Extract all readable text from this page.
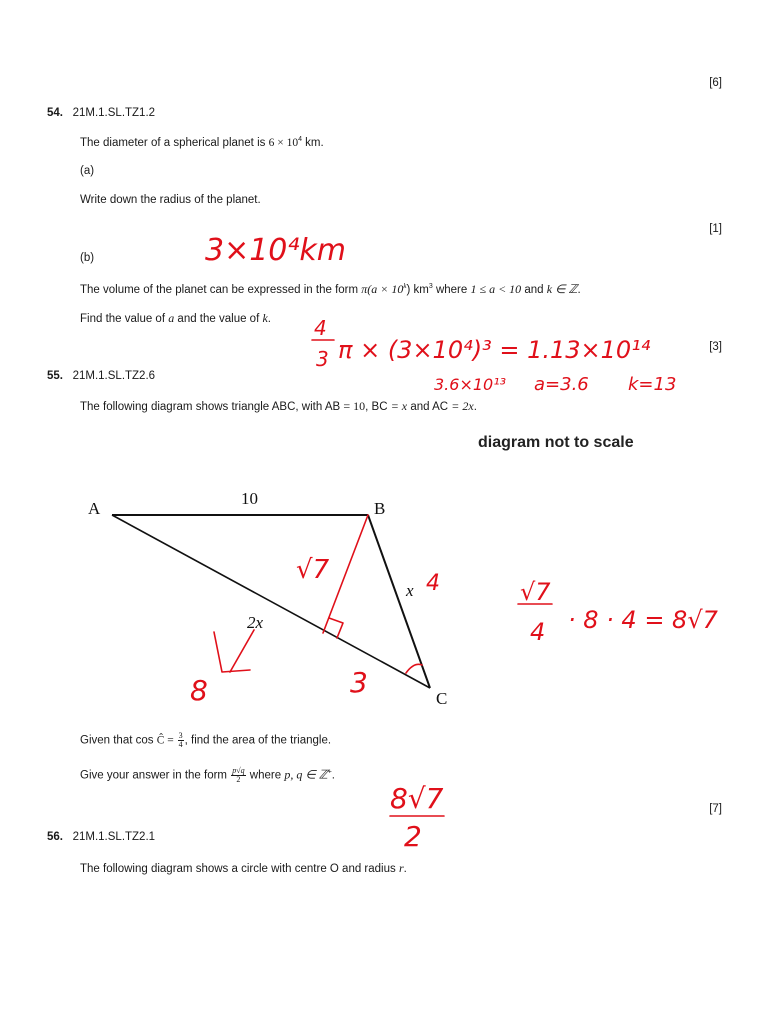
[6]
54. 21M.1.SL.TZ1.2
The diameter of a spherical planet is $6 \times 10^4$ km.
(a)
Write down the radius of the planet.
[1]
(b)
The volume of the planet can be expressed in the form $\pi(a \times 10^k)$ $km^3$ where 1 ≤ a < 10 and k ∈ ℤ.
Find the value of a and the value of k.
[3]
55. 21M.1.SL.TZ2.6
The following diagram shows triangle ABC, with AB = 10, BC = x and AC = 2x.
diagram not to scale
A	B
C
10
2x
x
3×10⁴km
4
3 π × (3×10⁴)³ = 1.13×10¹⁴
3.6×10¹³ a=3.6 k=13
√7	4
8	3
√7
4 · 8 · 4 = 8√7
8√7
2
Given that cos Ĉ = $\frac{3}{4}$ , find the area of the triangle.
Give your answer in the form $\frac{p√q}{2}$ where p, q ∈ ℤ+.
[7]
56. 21M.1.SL.TZ2.1
The following diagram shows a circle with centre O and radius r.
